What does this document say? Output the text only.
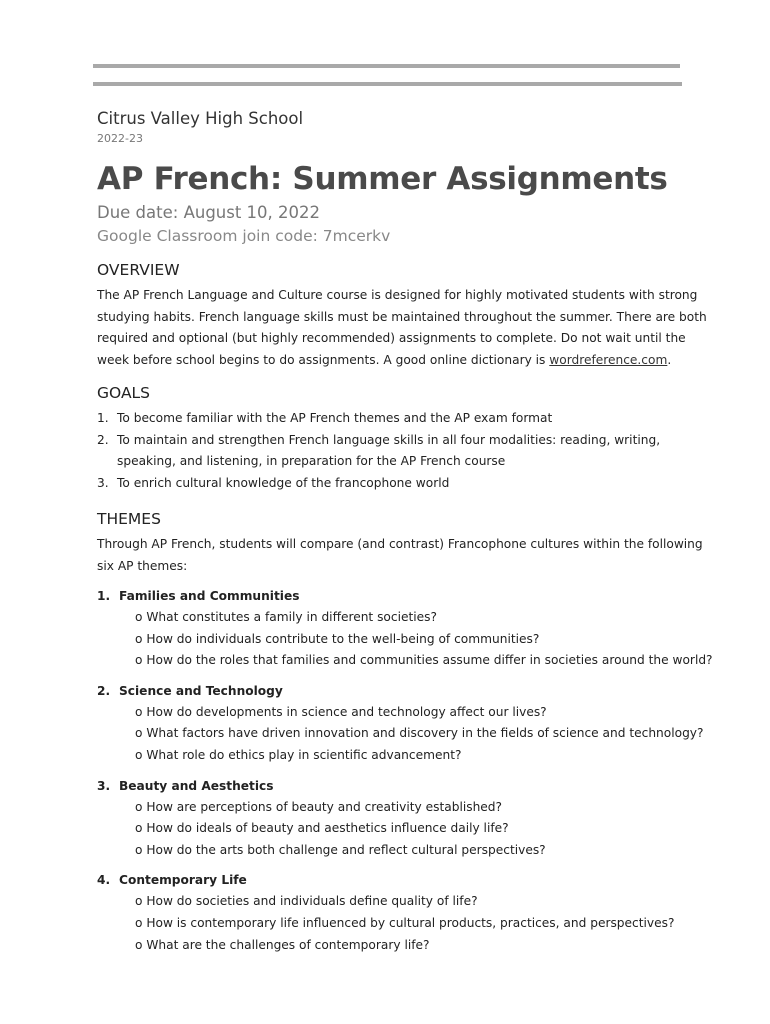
Citrus Valley High School

2022-23

AP French: Summer Assignments

Due date: August 10, 2022

Google Classroom join code: 7mcerkv

OVERVIEW

The AP French Language and Culture course is designed for highly motivated students with strong studying habits. French language skills must be maintained throughout the summer. There are both required and optional (but highly recommended) assignments to complete. Do not wait until the week before school begins to do assignments. A good online dictionary is wordreference.com.

GOALS
1. To become familiar with the AP French themes and the AP exam format
2. To maintain and strengthen French language skills in all four modalities: reading, writing, speaking, and listening, in preparation for the AP French course
3. To enrich cultural knowledge of the francophone world
THEMES

Through AP French, students will compare (and contrast) Francophone cultures within the following six AP themes:

1. Families and Communities
o What constitutes a family in different societies?
o How do individuals contribute to the well-being of communities?
o How do the roles that families and communities assume differ in societies around the world?
2. Science and Technology
o How do developments in science and technology affect our lives?
o What factors have driven innovation and discovery in the fields of science and technology?
o What role do ethics play in scientific advancement?
3. Beauty and Aesthetics
o How are perceptions of beauty and creativity established?
o How do ideals of beauty and aesthetics influence daily life?
o How do the arts both challenge and reflect cultural perspectives?
4. Contemporary Life
o How do societies and individuals define quality of life?
o How is contemporary life influenced by cultural products, practices, and perspectives?
o What are the challenges of contemporary life?
